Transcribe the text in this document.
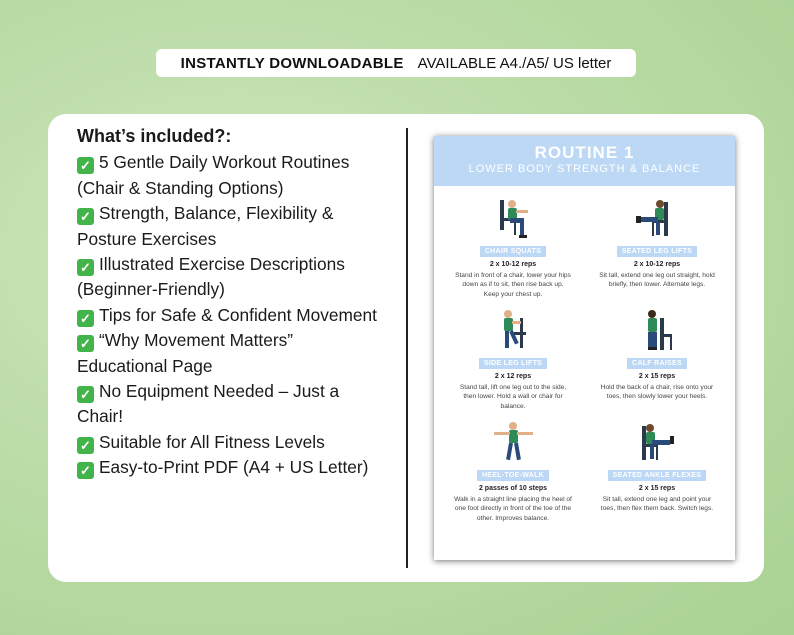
INSTANTLY DOWNLOADABLE AVAILABLE A4./A5/ US letter
What’s included?:
✓ 5 Gentle Daily Workout Routines (Chair & Standing Options)
✓ Strength, Balance, Flexibility & Posture Exercises
✓ Illustrated Exercise Descriptions (Beginner-Friendly)
✓ Tips for Safe & Confident Movement
✓ “Why Movement Matters” Educational Page
✓ No Equipment Needed – Just a Chair!
✓ Suitable for All Fitness Levels
✓ Easy-to-Print PDF (A4 + US Letter)
ROUTINE 1
LOWER BODY STRENGTH & BALANCE
CHAIR SQUATS
2 x 10-12 reps
Stand in front of a chair, lower your hips down as if to sit, then rise back up. Keep your chest up.
SEATED LEG LIFTS
2 x 10-12 reps
Sit tall, extend one leg out straight, hold briefly, then lower. Alternate legs.
SIDE LEG LIFTS
2 x 12 reps
Stand tall, lift one leg out to the side, then lower. Hold a wall or chair for balance.
CALF RAISES
2 x 15 reps
Hold the back of a chair, rise onto your toes, then slowly lower your heels.
HEEL-TOE-WALK
2 passes of 10 steps
Walk in a straight line placing the heel of one foot directly in front of the toe of the other. Improves balance.
SEATED ANKLE FLEXES
2 x 15 reps
Sit tall, extend one leg and point your toes, then flex them back. Switch legs.
